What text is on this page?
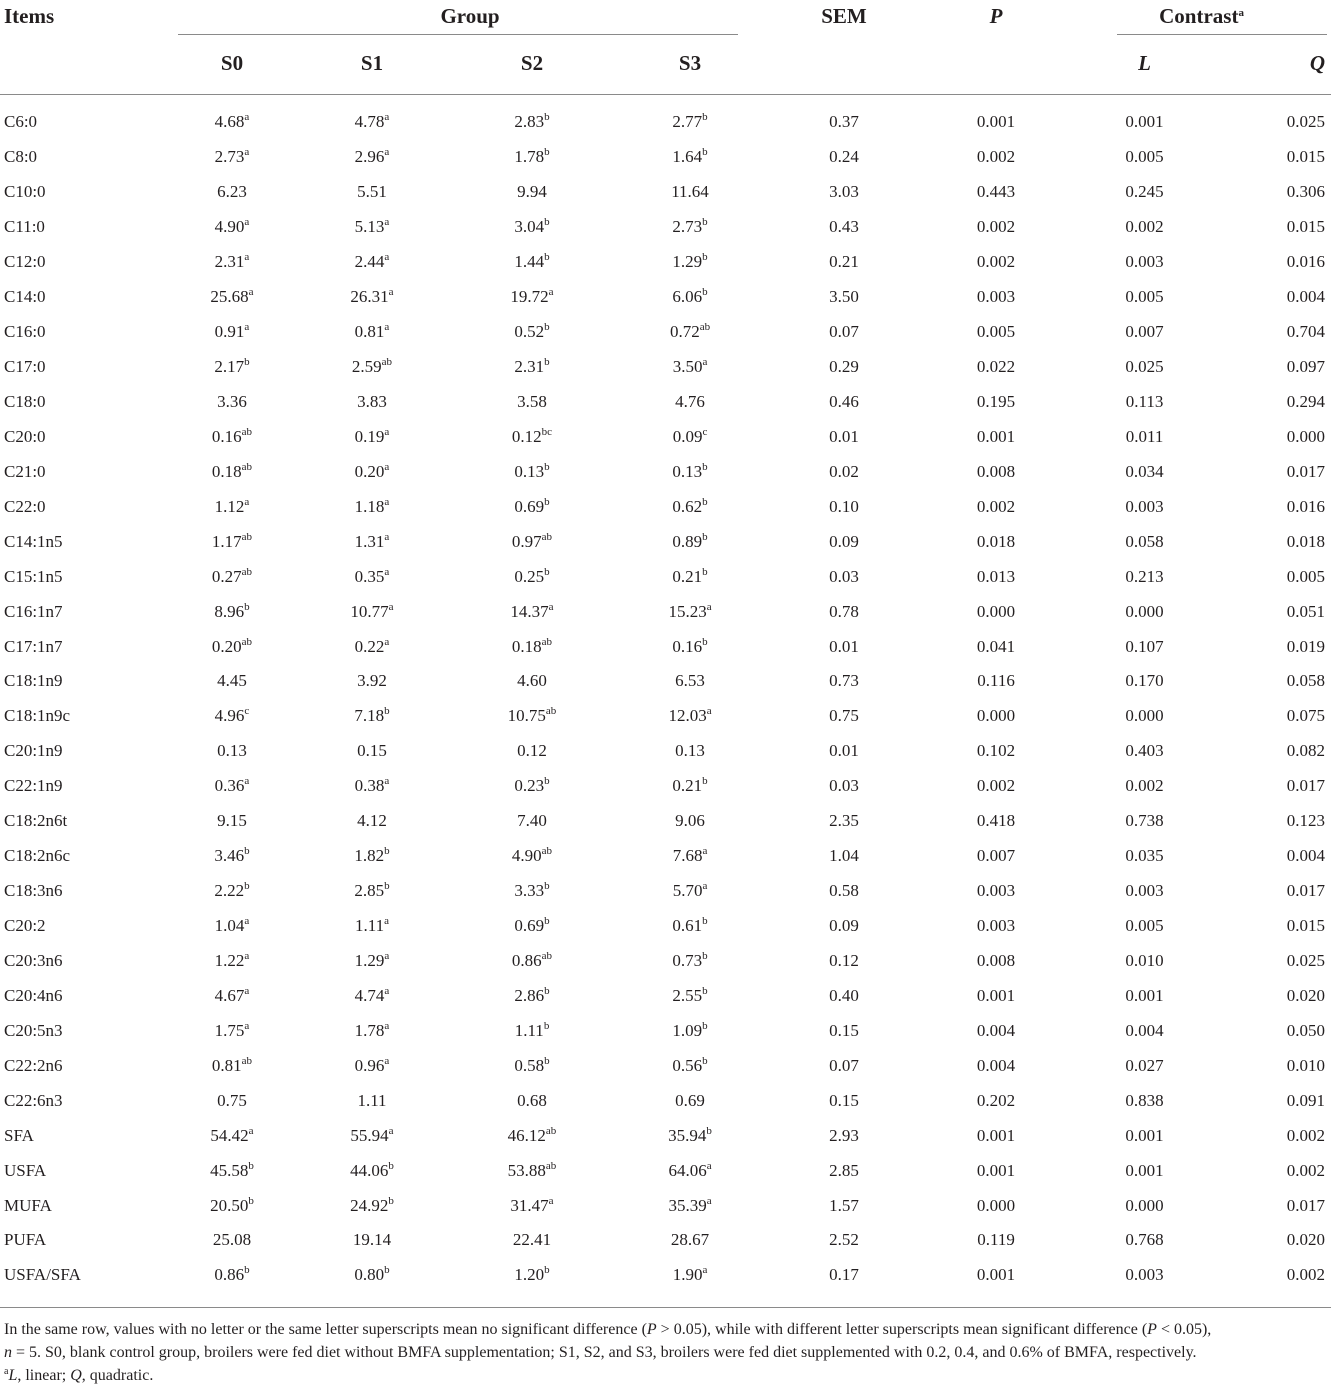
Items	Group				SEM	P	Contrast$^a$
	S0	S1	S2	S3			L	Q

C6:0	4.68$^a$	4.78$^a$	2.83$^b$	2.77$^b$	0.37	0.001	0.001	0.025
C8:0	2.73$^a$	2.96$^a$	1.78$^b$	1.64$^b$	0.24	0.002	0.005	0.015
C10:0	6.23	5.51	9.94	11.64	3.03	0.443	0.245	0.306
C11:0	4.90$^a$	5.13$^a$	3.04$^b$	2.73$^b$	0.43	0.002	0.002	0.015
C12:0	2.31$^a$	2.44$^a$	1.44$^b$	1.29$^b$	0.21	0.002	0.003	0.016
C14:0	25.68$^a$	26.31$^a$	19.72$^a$	6.06$^b$	3.50	0.003	0.005	0.004
C16:0	0.91$^a$	0.81$^a$	0.52$^b$	0.72$^{ab}$	0.07	0.005	0.007	0.704
C17:0	2.17$^b$	2.59$^{ab}$	2.31$^b$	3.50$^a$	0.29	0.022	0.025	0.097
C18:0	3.36	3.83	3.58	4.76	0.46	0.195	0.113	0.294
C20:0	0.16$^{ab}$	0.19$^a$	0.12$^{bc}$	0.09$^c$	0.01	0.001	0.011	0.000
C21:0	0.18$^{ab}$	0.20$^a$	0.13$^b$	0.13$^b$	0.02	0.008	0.034	0.017
C22:0	1.12$^a$	1.18$^a$	0.69$^b$	0.62$^b$	0.10	0.002	0.003	0.016
C14:1n5	1.17$^{ab}$	1.31$^a$	0.97$^{ab}$	0.89$^b$	0.09	0.018	0.058	0.018
C15:1n5	0.27$^{ab}$	0.35$^a$	0.25$^b$	0.21$^b$	0.03	0.013	0.213	0.005
C16:1n7	8.96$^b$	10.77$^a$	14.37$^a$	15.23$^a$	0.78	0.000	0.000	0.051
C17:1n7	0.20$^{ab}$	0.22$^a$	0.18$^{ab}$	0.16$^b$	0.01	0.041	0.107	0.019
C18:1n9	4.45	3.92	4.60	6.53	0.73	0.116	0.170	0.058
C18:1n9c	4.96$^c$	7.18$^b$	10.75$^{ab}$	12.03$^a$	0.75	0.000	0.000	0.075
C20:1n9	0.13	0.15	0.12	0.13	0.01	0.102	0.403	0.082
C22:1n9	0.36$^a$	0.38$^a$	0.23$^b$	0.21$^b$	0.03	0.002	0.002	0.017
C18:2n6t	9.15	4.12	7.40	9.06	2.35	0.418	0.738	0.123
C18:2n6c	3.46$^b$	1.82$^b$	4.90$^{ab}$	7.68$^a$	1.04	0.007	0.035	0.004
C18:3n6	2.22$^b$	2.85$^b$	3.33$^b$	5.70$^a$	0.58	0.003	0.003	0.017
C20:2	1.04$^a$	1.11$^a$	0.69$^b$	0.61$^b$	0.09	0.003	0.005	0.015
C20:3n6	1.22$^a$	1.29$^a$	0.86$^{ab}$	0.73$^b$	0.12	0.008	0.010	0.025
C20:4n6	4.67$^a$	4.74$^a$	2.86$^b$	2.55$^b$	0.40	0.001	0.001	0.020
C20:5n3	1.75$^a$	1.78$^a$	1.11$^b$	1.09$^b$	0.15	0.004	0.004	0.050
C22:2n6	0.81$^{ab}$	0.96$^a$	0.58$^b$	0.56$^b$	0.07	0.004	0.027	0.010
C22:6n3	0.75	1.11	0.68	0.69	0.15	0.202	0.838	0.091
SFA	54.42$^a$	55.94$^a$	46.12$^{ab}$	35.94$^b$	2.93	0.001	0.001	0.002
USFA	45.58$^b$	44.06$^b$	53.88$^{ab}$	64.06$^a$	2.85	0.001	0.001	0.002
MUFA	20.50$^b$	24.92$^b$	31.47$^a$	35.39$^a$	1.57	0.000	0.000	0.017
PUFA	25.08	19.14	22.41	28.67	2.52	0.119	0.768	0.020
USFA/SFA	0.86$^b$	0.80$^b$	1.20$^b$	1.90$^a$	0.17	0.001	0.003	0.002

In the same row, values with no letter or the same letter superscripts mean no significant difference (P > 0.05), while with different letter superscripts mean significant difference (P < 0.05),

n = 5. S0, blank control group, broilers were fed diet without BMFA supplementation; S1, S2, and S3, broilers were fed diet supplemented with 0.2, 0.4, and 0.6% of BMFA, respectively.

$^a$L, linear; Q, quadratic.
